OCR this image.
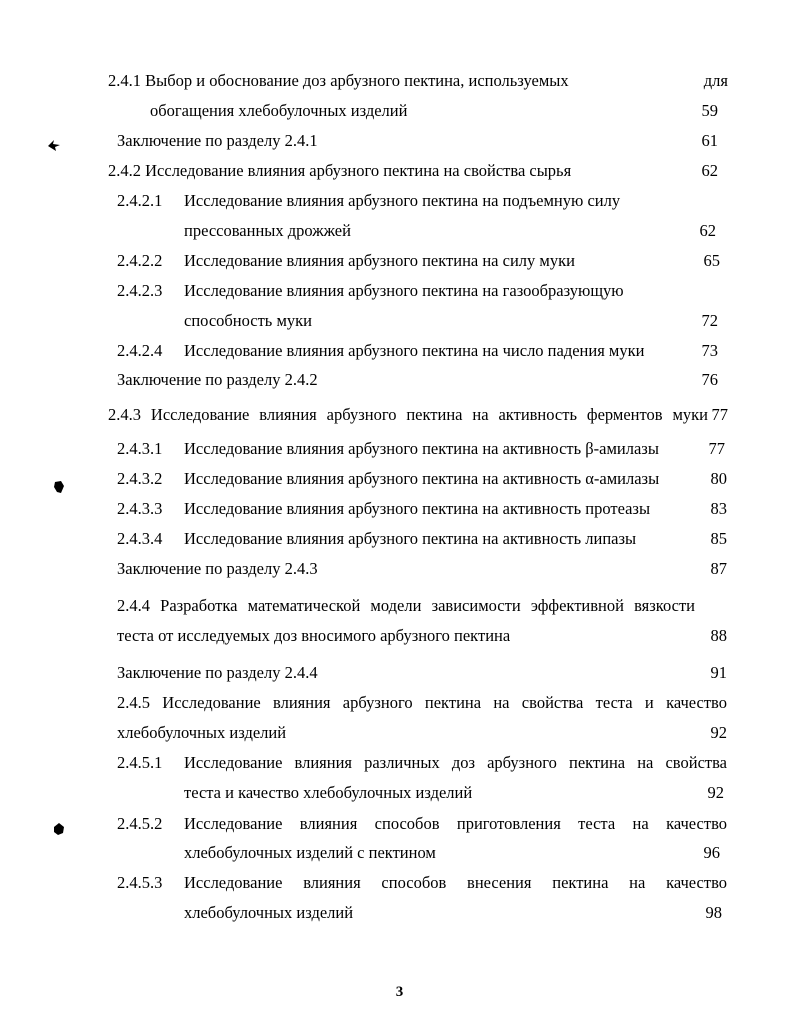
2.4.1 Выбор и обоснование доз арбузного пектина, используемых	для
обогащения хлебобулочных изделий	59
Заключение по разделу 2.4.1	61
2.4.2 Исследование влияния арбузного пектина на свойства сырья	62
2.4.2.1	Исследование влияния арбузного пектина на подъемную силу
прессованных дрожжей	62
2.4.2.2	Исследование влияния арбузного пектина на силу муки	65
2.4.2.3	Исследование влияния арбузного пектина на газообразующую
способность муки	72
2.4.2.4	Исследование влияния арбузного пектина на число падения муки	73
Заключение по разделу 2.4.2	76
2.4.3 Исследование влияния арбузного пектина на активность ферментов муки 77
2.4.3.1	Исследование влияния арбузного пектина на активность β-амилазы	77
2.4.3.2	Исследование влияния арбузного пектина на активность α-амилазы	80
2.4.3.3	Исследование влияния арбузного пектина на активность протеазы	83
2.4.3.4	Исследование влияния арбузного пектина на активность липазы	85
Заключение по разделу 2.4.3	87
2.4.4 Разработка математической модели зависимости эффективной вязкости
теста от исследуемых доз вносимого арбузного пектина	88
Заключение по разделу 2.4.4	91
2.4.5 Исследование влияния арбузного пектина на свойства теста и качество
хлебобулочных изделий	92
2.4.5.1	Исследование влияния различных доз арбузного пектина на свойства
теста и качество хлебобулочных изделий	92
2.4.5.2	Исследование влияния способов приготовления теста на качество
хлебобулочных изделий с пектином	96
2.4.5.3	Исследование влияния способов внесения пектина на качество
хлебобулочных изделий	98
3
